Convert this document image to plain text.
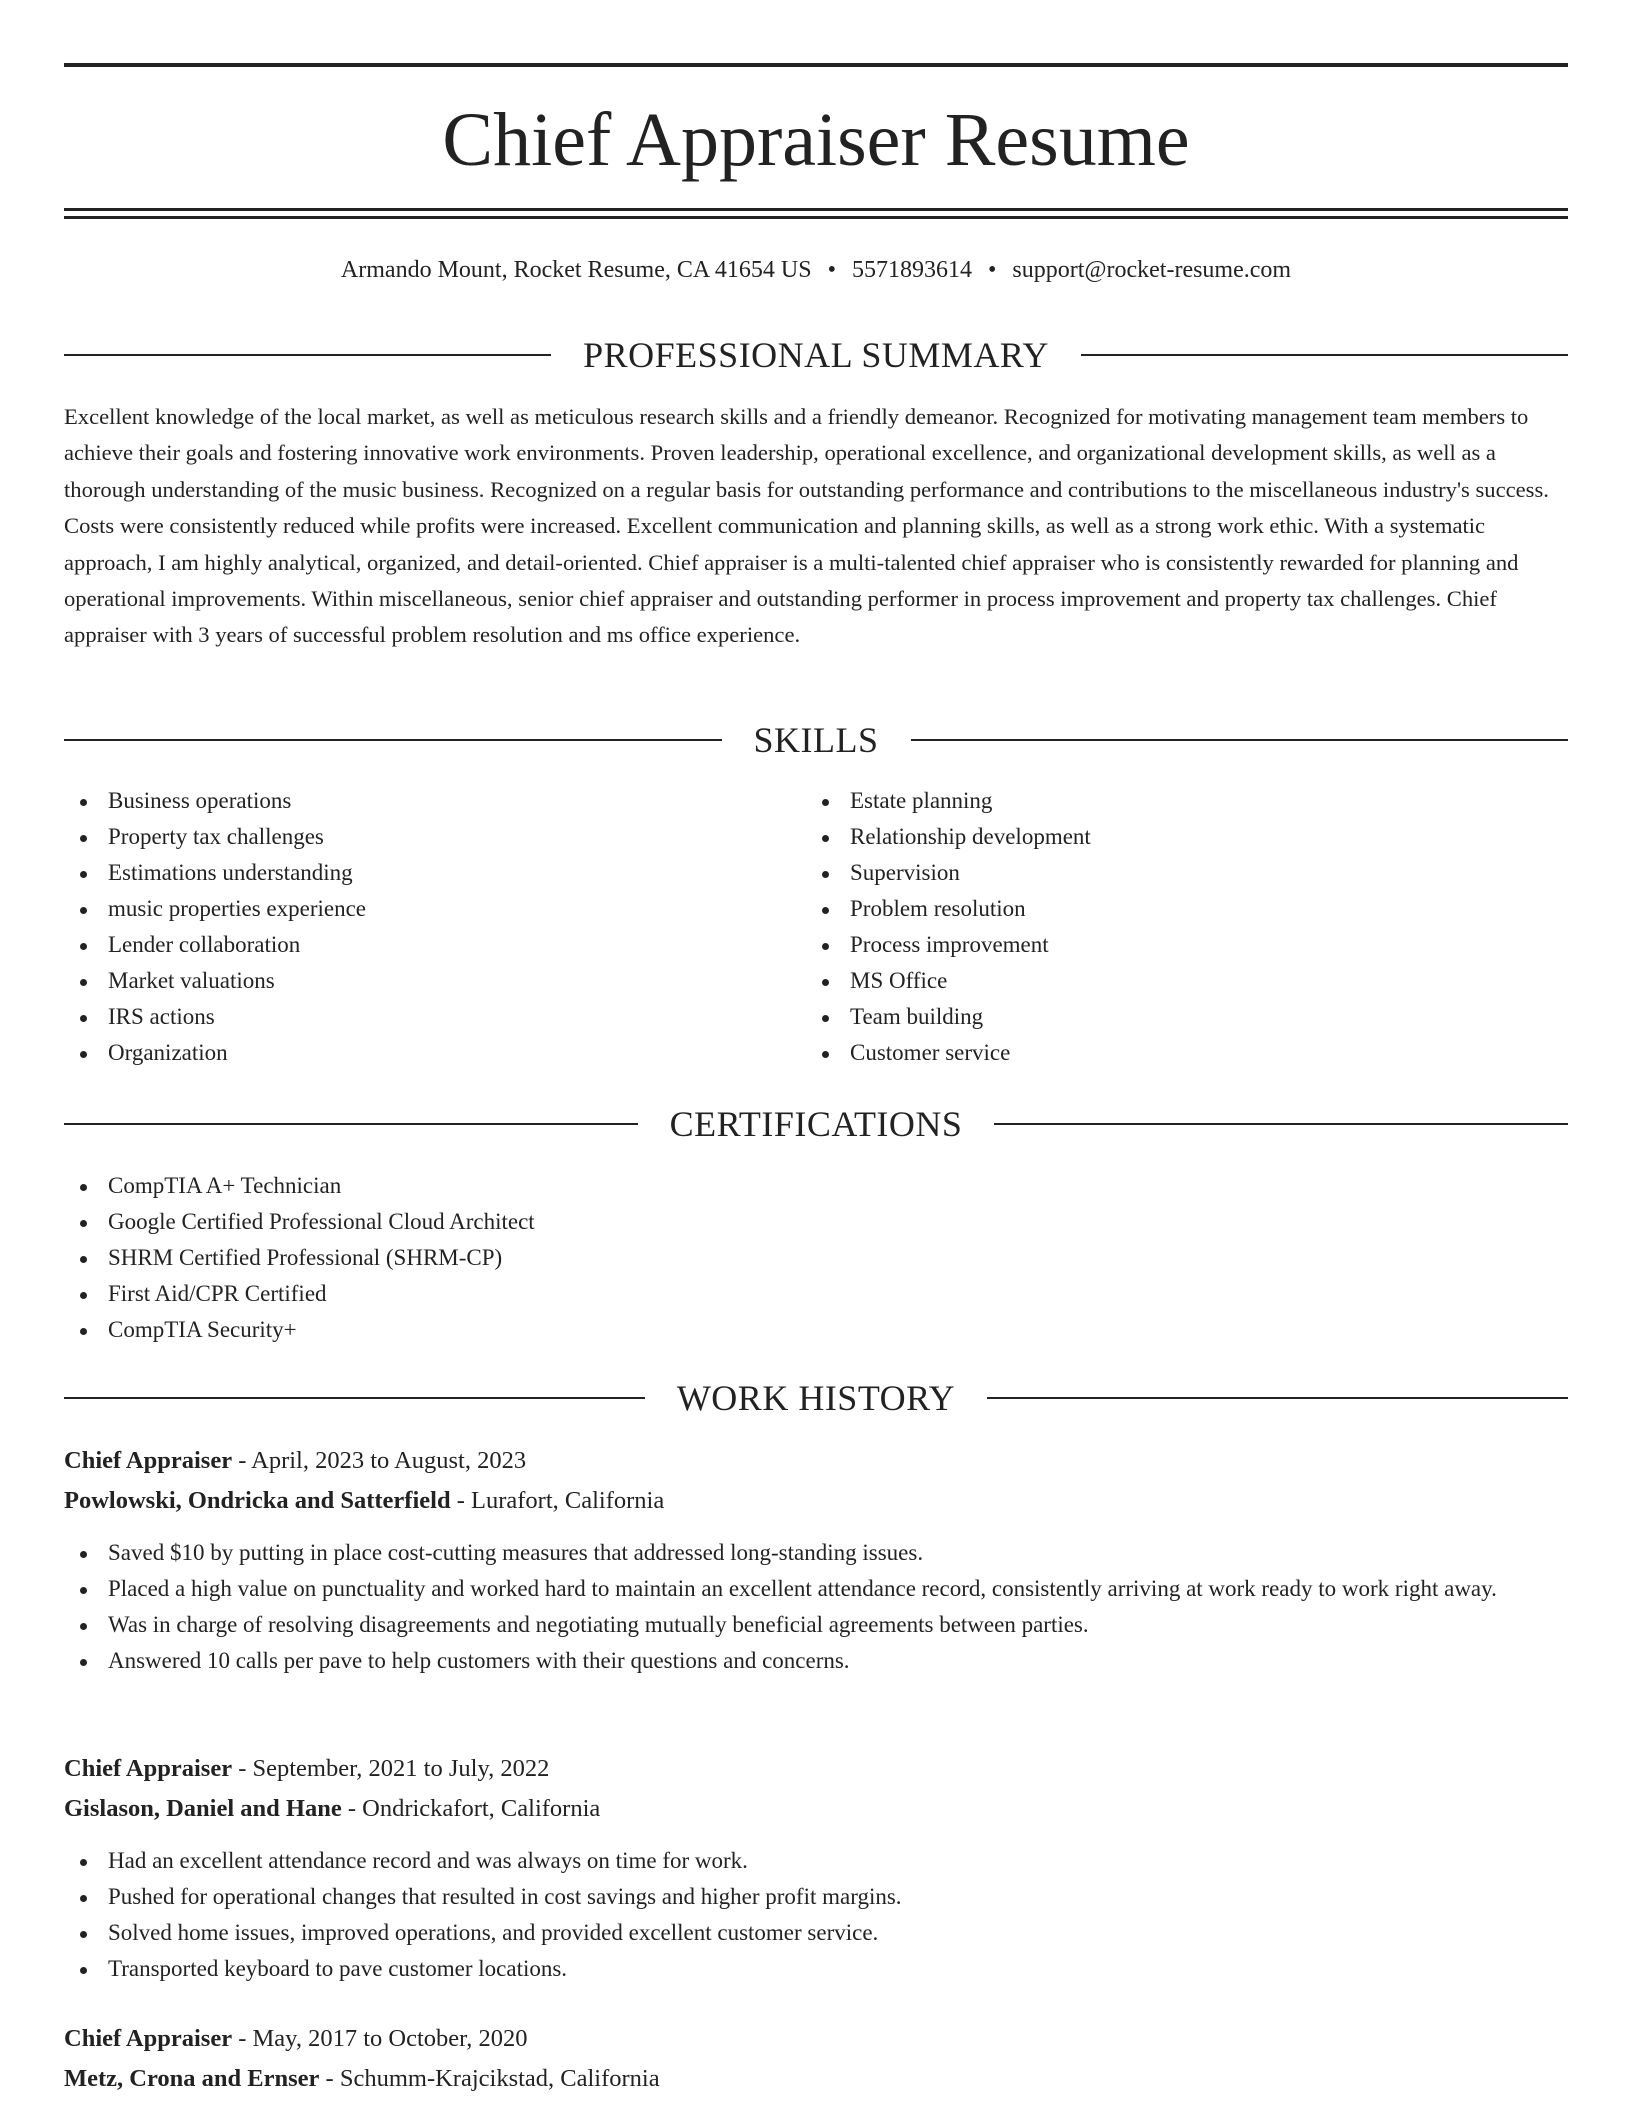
Chief Appraiser Resume
Armando Mount, Rocket Resume, CA 41654 US • 5571893614 • support@rocket-resume.com
PROFESSIONAL SUMMARY

Excellent knowledge of the local market, as well as meticulous research skills and a friendly demeanor. Recognized for motivating management team members to achieve their goals and fostering innovative work environments. Proven leadership, operational excellence, and organizational development skills, as well as a thorough understanding of the music business. Recognized on a regular basis for outstanding performance and contributions to the miscellaneous industry's success. Costs were consistently reduced while profits were increased. Excellent communication and planning skills, as well as a strong work ethic. With a systematic approach, I am highly analytical, organized, and detail-oriented. Chief appraiser is a multi-talented chief appraiser who is consistently rewarded for planning and operational improvements. Within miscellaneous, senior chief appraiser and outstanding performer in process improvement and property tax challenges. Chief appraiser with 3 years of successful problem resolution and ms office experience.

SKILLS
Business operations
Property tax challenges
Estimations understanding
music properties experience
Lender collaboration
Market valuations
IRS actions
Organization
Estate planning
Relationship development
Supervision
Problem resolution
Process improvement
MS Office
Team building
Customer service
CERTIFICATIONS
CompTIA A+ Technician
Google Certified Professional Cloud Architect
SHRM Certified Professional (SHRM-CP)
First Aid/CPR Certified
CompTIA Security+
WORK HISTORY
Chief Appraiser - April, 2023 to August, 2023
Powlowski, Ondricka and Satterfield - Lurafort, California
Saved $10 by putting in place cost-cutting measures that addressed long-standing issues.
Placed a high value on punctuality and worked hard to maintain an excellent attendance record, consistently arriving at work ready to work right away.
Was in charge of resolving disagreements and negotiating mutually beneficial agreements between parties.
Answered 10 calls per pave to help customers with their questions and concerns.
Chief Appraiser - September, 2021 to July, 2022
Gislason, Daniel and Hane - Ondrickafort, California
Had an excellent attendance record and was always on time for work.
Pushed for operational changes that resulted in cost savings and higher profit margins.
Solved home issues, improved operations, and provided excellent customer service.
Transported keyboard to pave customer locations.
Chief Appraiser - May, 2017 to October, 2020
Metz, Crona and Ernser - Schumm-Krajcikstad, California
